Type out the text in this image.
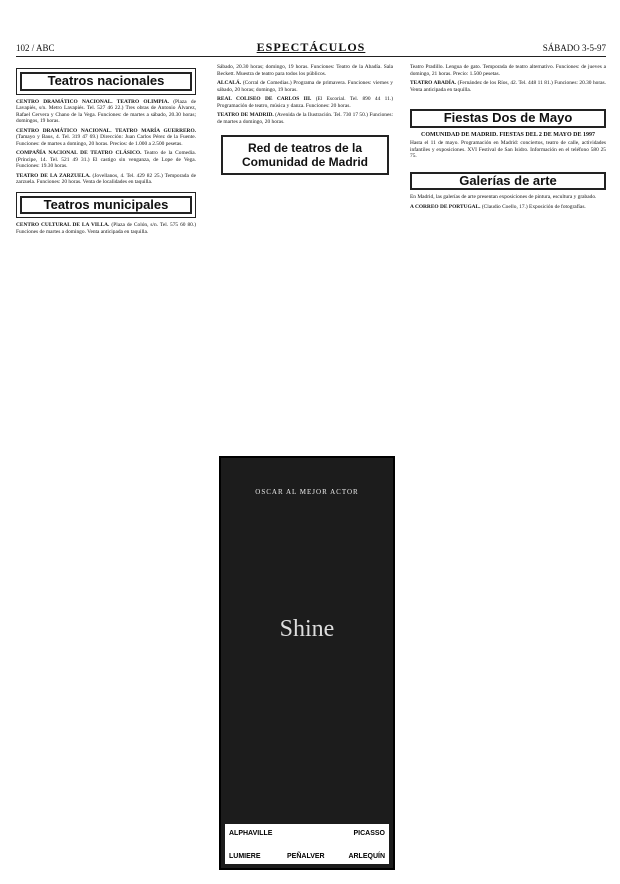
102 / ABC	ESPECTÁCULOS	SÁBADO 3-5-97
Teatros nacionales
CENTRO DRAMÁTICO NACIONAL. TEATRO OLIMPIA. (Plaza de Lavapiés, s/n. Metro Lavapiés. Tel. 527 46 22.) Tres obras de Antonio Álvarez, Rafael Cervera y Chano de la Vega. Funciones: de martes a sábado, 20.30 horas; domingos, 19 horas.
CENTRO DRAMÁTICO NACIONAL. TEATRO MARÍA GUERRERO. (Tamayo y Baus, 4. Tel. 319 47 69.) Dirección: Juan Carlos Pérez de la Fuente. Funciones: de martes a domingo, 20 horas. Precios: de 1.000 a 2.500 pesetas.
COMPAÑÍA NACIONAL DE TEATRO CLÁSICO. Teatro de la Comedia. (Príncipe, 14. Tel. 521 49 31.) El castigo sin venganza, de Lope de Vega. Funciones: 19.30 horas.
TEATRO DE LA ZARZUELA. (Jovellanos, 4. Tel. 429 82 25.) Temporada de zarzuela. Funciones: 20 horas. Venta de localidades en taquilla.
Teatros municipales
CENTRO CULTURAL DE LA VILLA. (Plaza de Colón, s/n. Tel. 575 60 80.) Funciones de martes a domingo. Venta anticipada en taquilla.
Sábado, 20.30 horas; domingo, 19 horas. Funciones: Teatro de la Abadía. Sala Beckett. Muestra de teatro para todos los públicos.
ALCALÁ. (Corral de Comedias.) Programa de primavera. Funciones: viernes y sábado, 20 horas; domingo, 19 horas.
REAL COLISEO DE CARLOS III. (El Escorial. Tel. 890 44 11.) Programación de teatro, música y danza. Funciones: 20 horas.
TEATRO DE MADRID. (Avenida de la Ilustración. Tel. 730 17 50.) Funciones: de martes a domingo, 20 horas.
Red de teatros de la Comunidad de Madrid
OSCAR AL MEJOR ACTOR
Shine
ALPHAVILLE	PICASSO
LUMIERE	PEÑALVER	ARLEQUÍN
Teatro Pradillo. Lengua de gato. Temporada de teatro alternativo. Funciones: de jueves a domingo, 21 horas. Precio: 1.500 pesetas.
TEATRO ABADÍA. (Fernández de los Ríos, 42. Tel. 448 11 81.) Funciones: 20.30 horas. Venta anticipada en taquilla.
Fiestas Dos de Mayo
COMUNIDAD DE MADRID. FIESTAS DEL 2 DE MAYO DE 1997
Hasta el 11 de mayo. Programación en Madrid: conciertos, teatro de calle, actividades infantiles y exposiciones. XVI Festival de San Isidro. Información en el teléfono 580 25 75.
Galerías de arte
En Madrid, las galerías de arte presentan exposiciones de pintura, escultura y grabado.
A CORREO DE PORTUGAL. (Claudio Coello, 17.) Exposición de fotografías.
